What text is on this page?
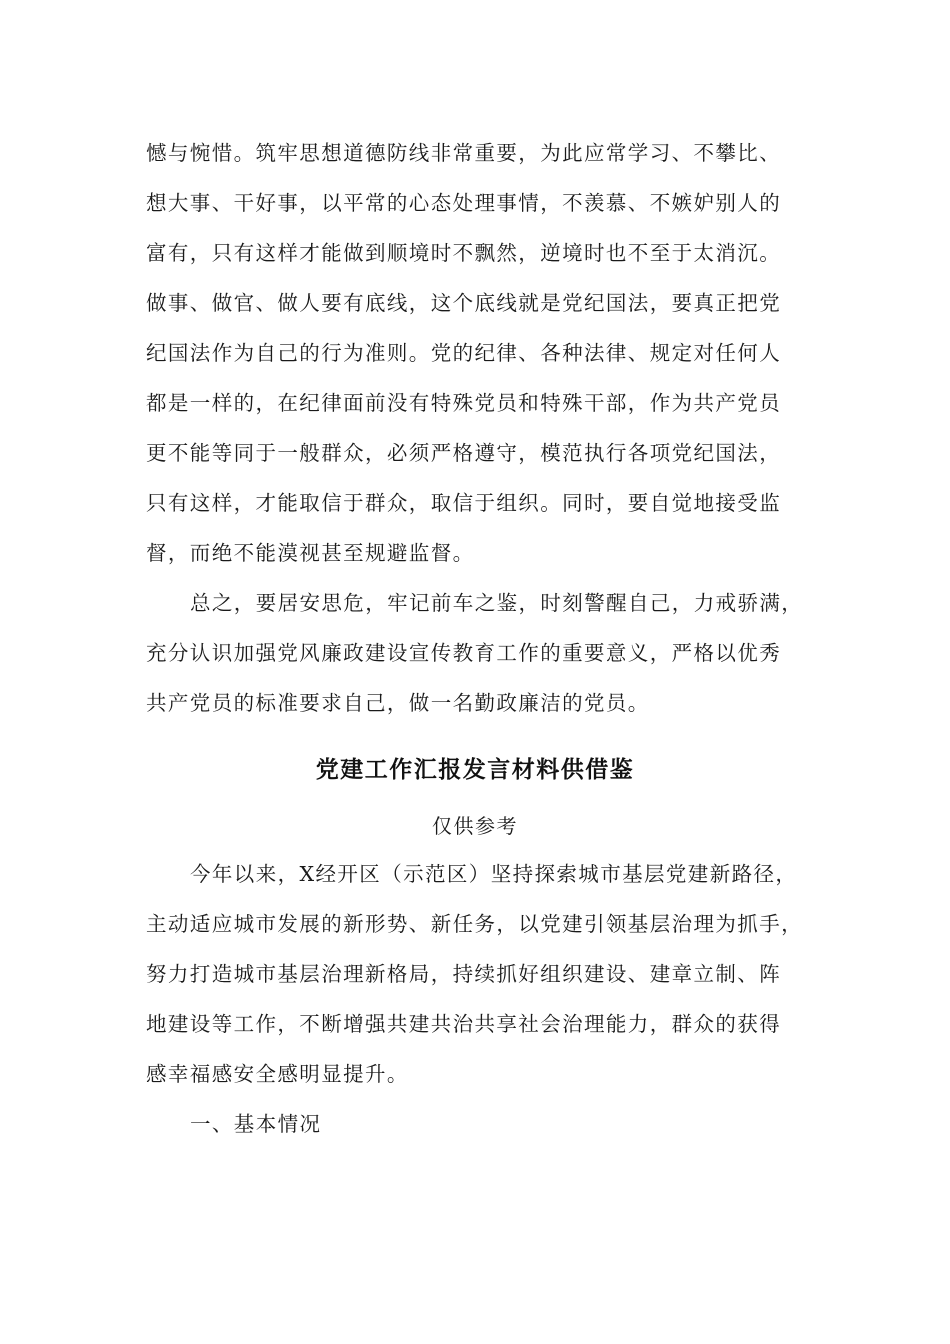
憾与惋惜。筑牢思想道德防线非常重要，为此应常学习、不攀比、
想大事、干好事，以平常的心态处理事情，不羡慕、不嫉妒别人的
富有，只有这样才能做到顺境时不飘然，逆境时也不至于太消沉。
做事、做官、做人要有底线，这个底线就是党纪国法，要真正把党
纪国法作为自己的行为准则。党的纪律、各种法律、规定对任何人
都是一样的，在纪律面前没有特殊党员和特殊干部，作为共产党员
更不能等同于一般群众，必须严格遵守，模范执行各项党纪国法，
只有这样，才能取信于群众，取信于组织。同时，要自觉地接受监
督，而绝不能漠视甚至规避监督。
总之，要居安思危，牢记前车之鉴，时刻警醒自己，力戒骄满，
充分认识加强党风廉政建设宣传教育工作的重要意义，严格以优秀
共产党员的标准要求自己，做一名勤政廉洁的党员。
党建工作汇报发言材料供借鉴
仅供参考
今年以来，X经开区（示范区）坚持探索城市基层党建新路径，
主动适应城市发展的新形势、新任务，以党建引领基层治理为抓手，
努力打造城市基层治理新格局，持续抓好组织建设、建章立制、阵
地建设等工作，不断增强共建共治共享社会治理能力，群众的获得
感幸福感安全感明显提升。
一、基本情况
